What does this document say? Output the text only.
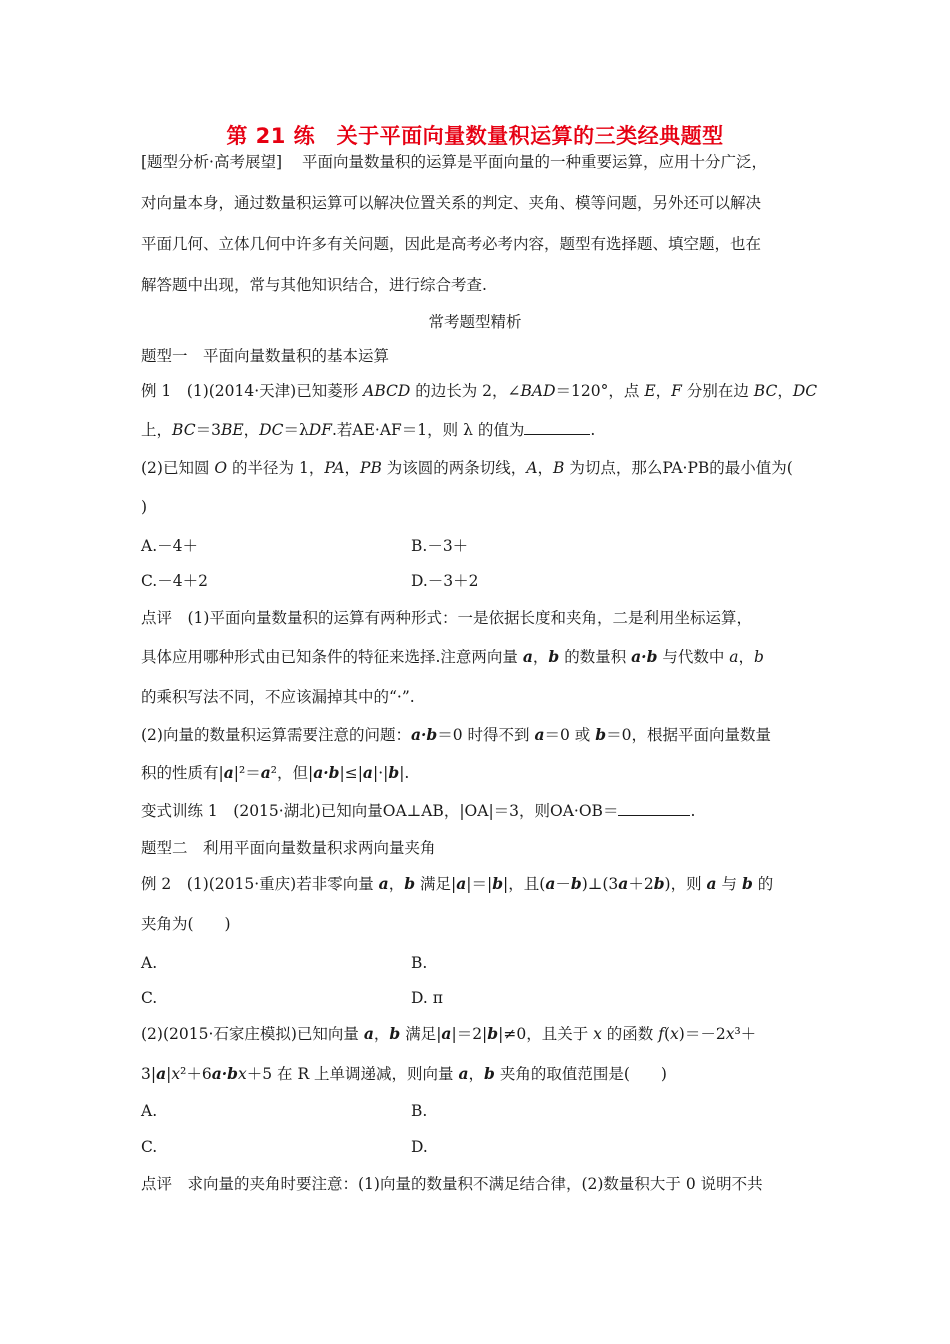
第 21 练　关于平面向量数量积运算的三类经典题型
[题型分析·高考展望] 平面向量数量积的运算是平面向量的一种重要运算，应用十分广泛，
对向量本身，通过数量积运算可以解决位置关系的判定、夹角、模等问题，另外还可以解决
平面几何、立体几何中许多有关问题，因此是高考必考内容，题型有选择题、填空题，也在
解答题中出现，常与其他知识结合，进行综合考查.
常考题型精析
题型一　平面向量数量积的基本运算
例 1　(1)(2014·天津)已知菱形 ABCD 的边长为 2，∠BAD＝120°，点 E，F 分别在边 BC，DC
上，BC＝3BE，DC＝λDF.若AE·AF＝1，则 λ 的值为	.
(2)已知圆 O 的半径为 1，PA，PB 为该圆的两条切线，A，B 为切点，那么PA·PB的最小值为(
)
A.－4＋	B.－3＋
C.－4＋2	D.－3＋2
点评　(1)平面向量数量积的运算有两种形式：一是依据长度和夹角，二是利用坐标运算，
具体应用哪种形式由已知条件的特征来选择.注意两向量 a，b 的数量积 a·b 与代数中 a，b
的乘积写法不同，不应该漏掉其中的“·”.
(2)向量的数量积运算需要注意的问题：a·b＝0 时得不到 a＝0 或 b＝0，根据平面向量数量
积的性质有|a|²＝a²，但|a·b|≤|a|·|b|.
变式训练 1　(2015·湖北)已知向量OA⊥AB，|OA|＝3，则OA·OB＝	.
题型二　利用平面向量数量积求两向量夹角
例 2　(1)(2015·重庆)若非零向量 a，b 满足|a|＝|b|，且(a－b)⊥(3a＋2b)，则 a 与 b 的
夹角为(　　)
A.	B.
C.	D. π
(2)(2015·石家庄模拟)已知向量 a，b 满足|a|＝2|b|≠0，且关于 x 的函数 f(x)＝－2x³＋
3|a|x²＋6a·bx＋5 在 R 上单调递减，则向量 a，b 夹角的取值范围是(　　)
A.	B.
C.	D.
点评　求向量的夹角时要注意：(1)向量的数量积不满足结合律，(2)数量积大于 0 说明不共
